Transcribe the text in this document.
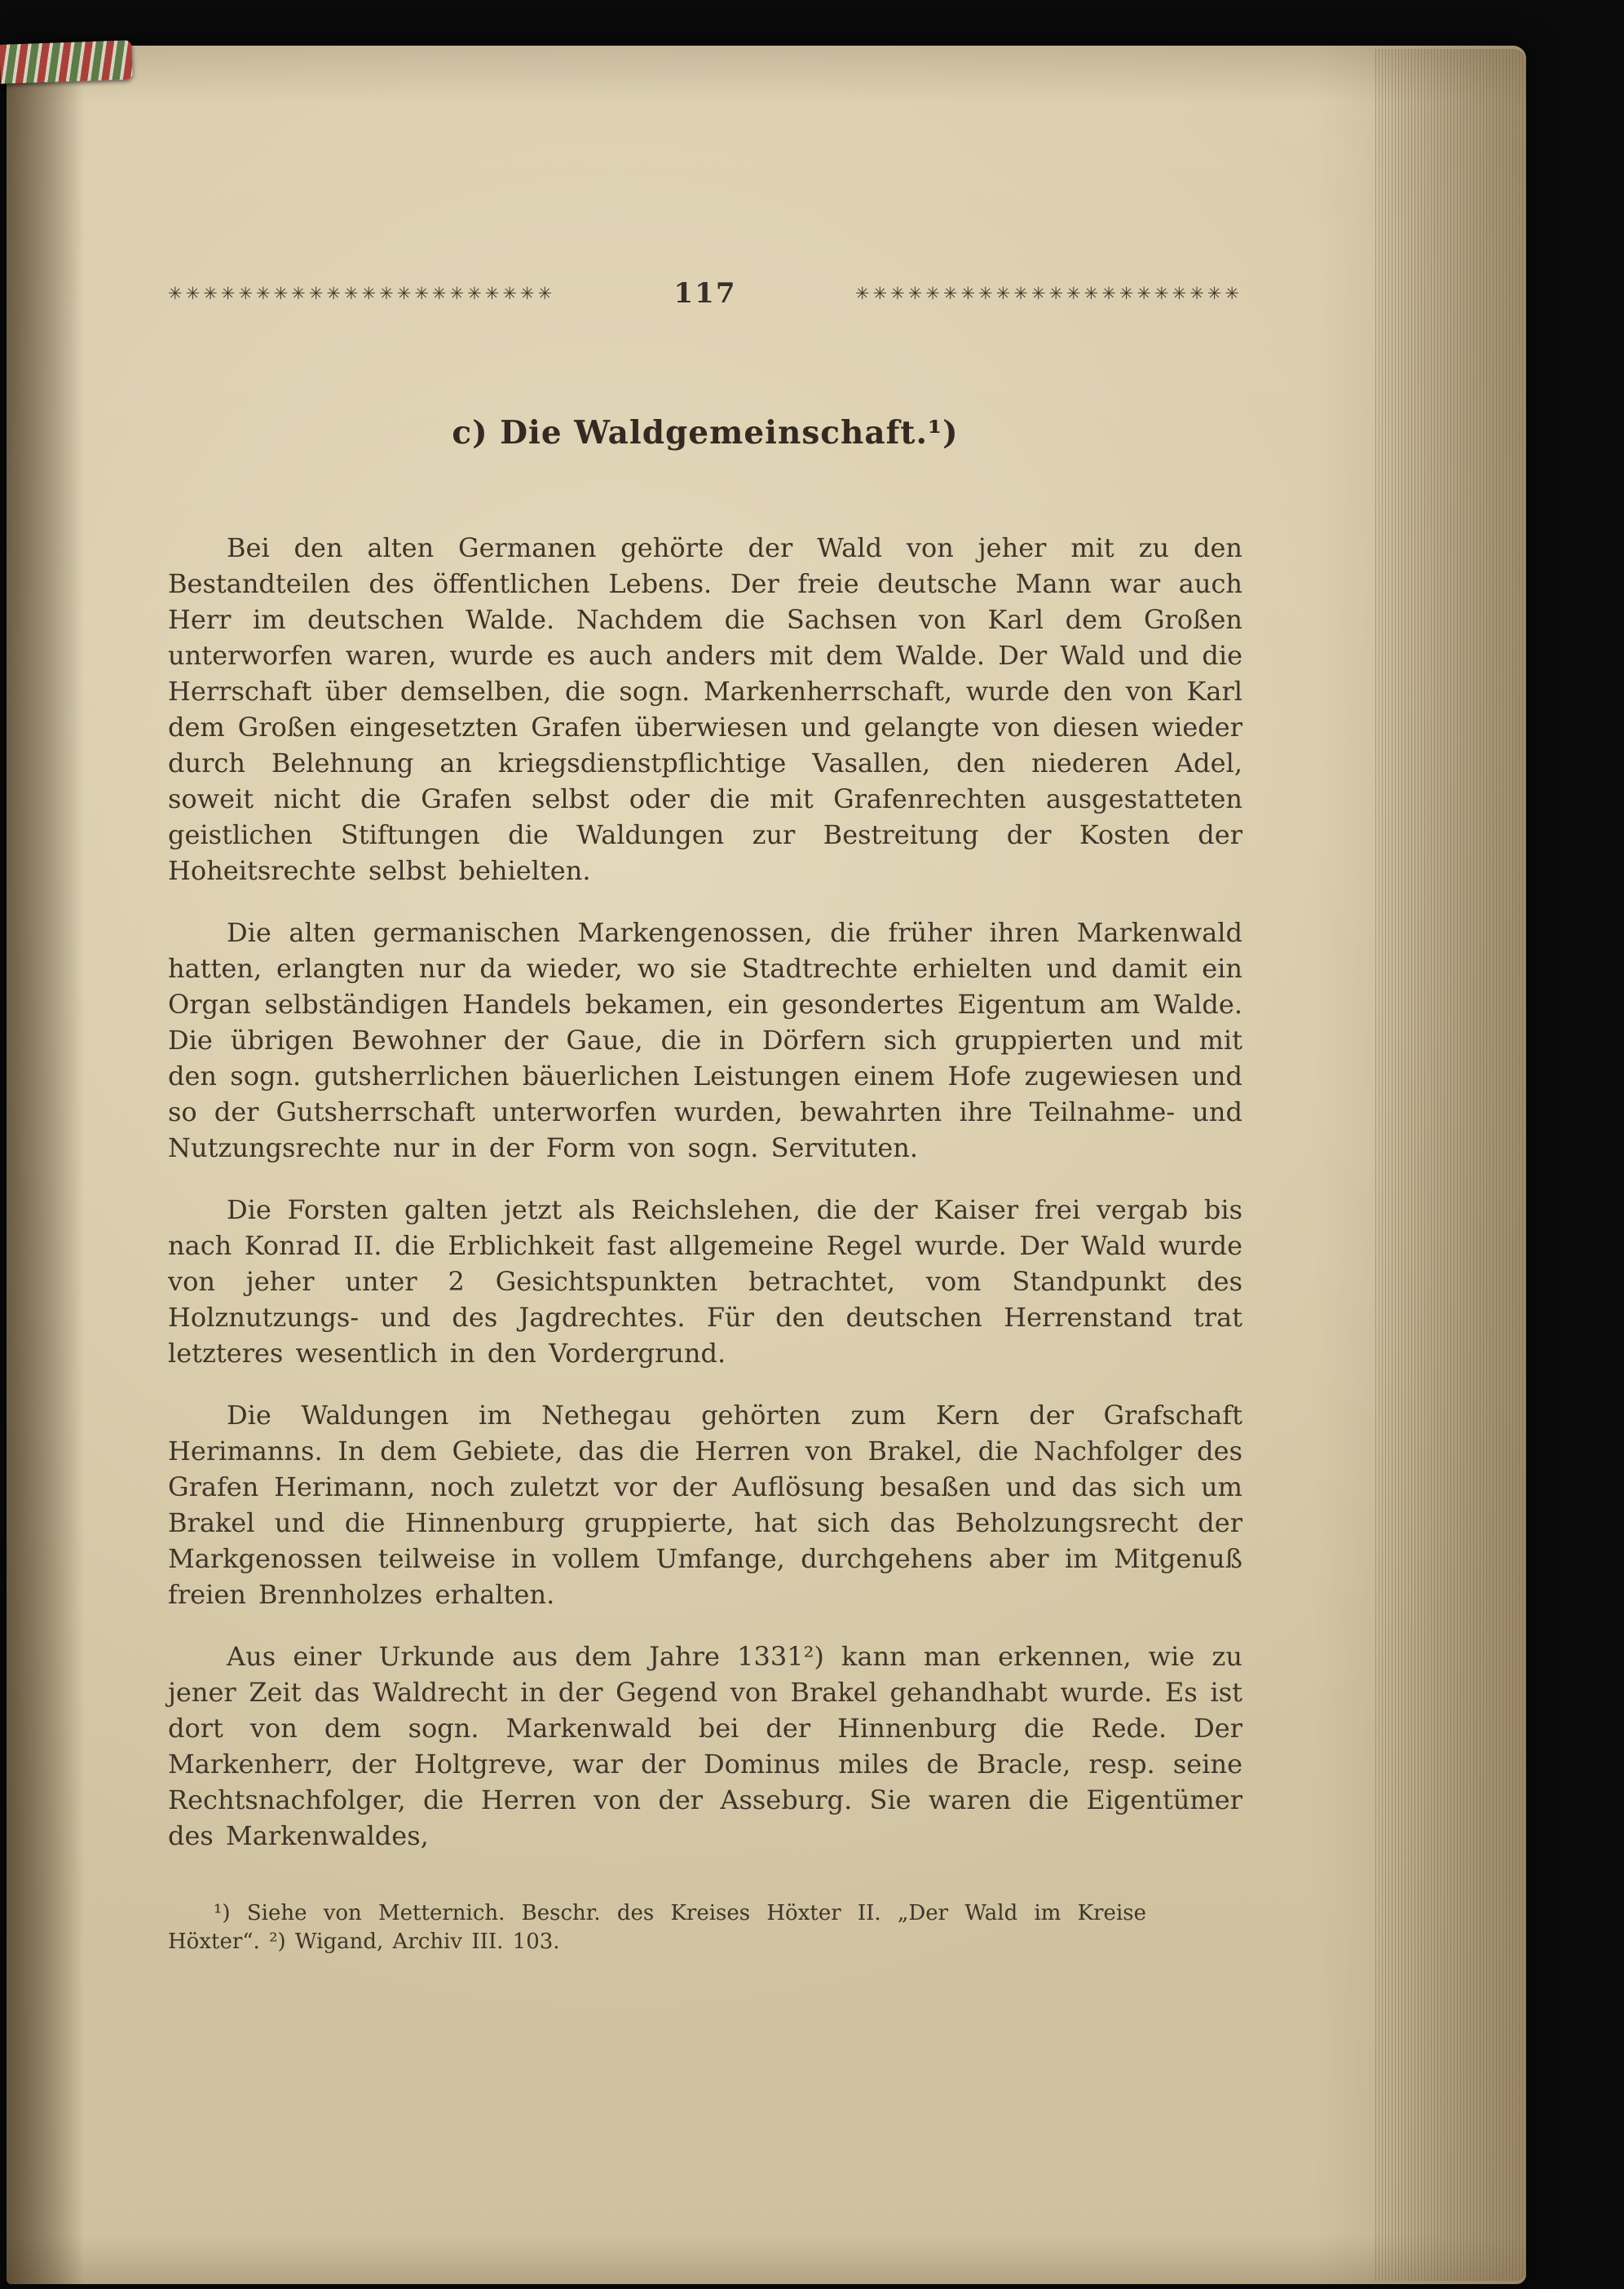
✳✳✳✳✳✳✳✳✳✳✳✳✳✳✳✳✳✳✳✳✳✳	117	✳✳✳✳✳✳✳✳✳✳✳✳✳✳✳✳✳✳✳✳✳✳
c) Die Waldgemeinschaft.¹)

Bei den alten Germanen gehörte der Wald von jeher mit zu den Bestandteilen des öffentlichen Lebens. Der freie deutsche Mann war auch Herr im deutschen Walde. Nachdem die Sachsen von Karl dem Großen unterworfen waren, wurde es auch anders mit dem Walde. Der Wald und die Herrschaft über demselben, die sogn. Markenherrschaft, wurde den von Karl dem Großen eingesetzten Grafen überwiesen und gelangte von diesen wieder durch Belehnung an kriegsdienstpflichtige Vasallen, den niederen Adel, soweit nicht die Grafen selbst oder die mit Grafenrechten ausgestatteten geistlichen Stiftungen die Waldungen zur Bestreitung der Kosten der Hoheitsrechte selbst behielten.

Die alten germanischen Markengenossen, die früher ihren Markenwald hatten, erlangten nur da wieder, wo sie Stadtrechte erhielten und damit ein Organ selbständigen Handels bekamen, ein gesondertes Eigentum am Walde. Die übrigen Bewohner der Gaue, die in Dörfern sich gruppierten und mit den sogn. gutsherrlichen bäuerlichen Leistungen einem Hofe zugewiesen und so der Gutsherrschaft unterworfen wurden, bewahrten ihre Teilnahme- und Nutzungsrechte nur in der Form von sogn. Servituten.

Die Forsten galten jetzt als Reichslehen, die der Kaiser frei vergab bis nach Konrad II. die Erblichkeit fast allgemeine Regel wurde. Der Wald wurde von jeher unter 2 Gesichtspunkten betrachtet, vom Standpunkt des Holznutzungs- und des Jagdrechtes. Für den deutschen Herrenstand trat letzteres wesentlich in den Vordergrund.

Die Waldungen im Nethegau gehörten zum Kern der Grafschaft Herimanns. In dem Gebiete, das die Herren von Brakel, die Nachfolger des Grafen Herimann, noch zuletzt vor der Auflösung besaßen und das sich um Brakel und die Hinnenburg gruppierte, hat sich das Beholzungsrecht der Markgenossen teilweise in vollem Umfange, durchgehens aber im Mitgenuß freien Brennholzes erhalten.

Aus einer Urkunde aus dem Jahre 1331²) kann man erkennen, wie zu jener Zeit das Waldrecht in der Gegend von Brakel gehandhabt wurde. Es ist dort von dem sogn. Markenwald bei der Hinnenburg die Rede. Der Markenherr, der Holtgreve, war der Dominus miles de Bracle, resp. seine Rechtsnachfolger, die Herren von der Asseburg. Sie waren die Eigentümer des Markenwaldes,

¹) Siehe von Metternich. Beschr. des Kreises Höxter II. „Der Wald im Kreise Höxter“. ²) Wigand, Archiv III. 103.
